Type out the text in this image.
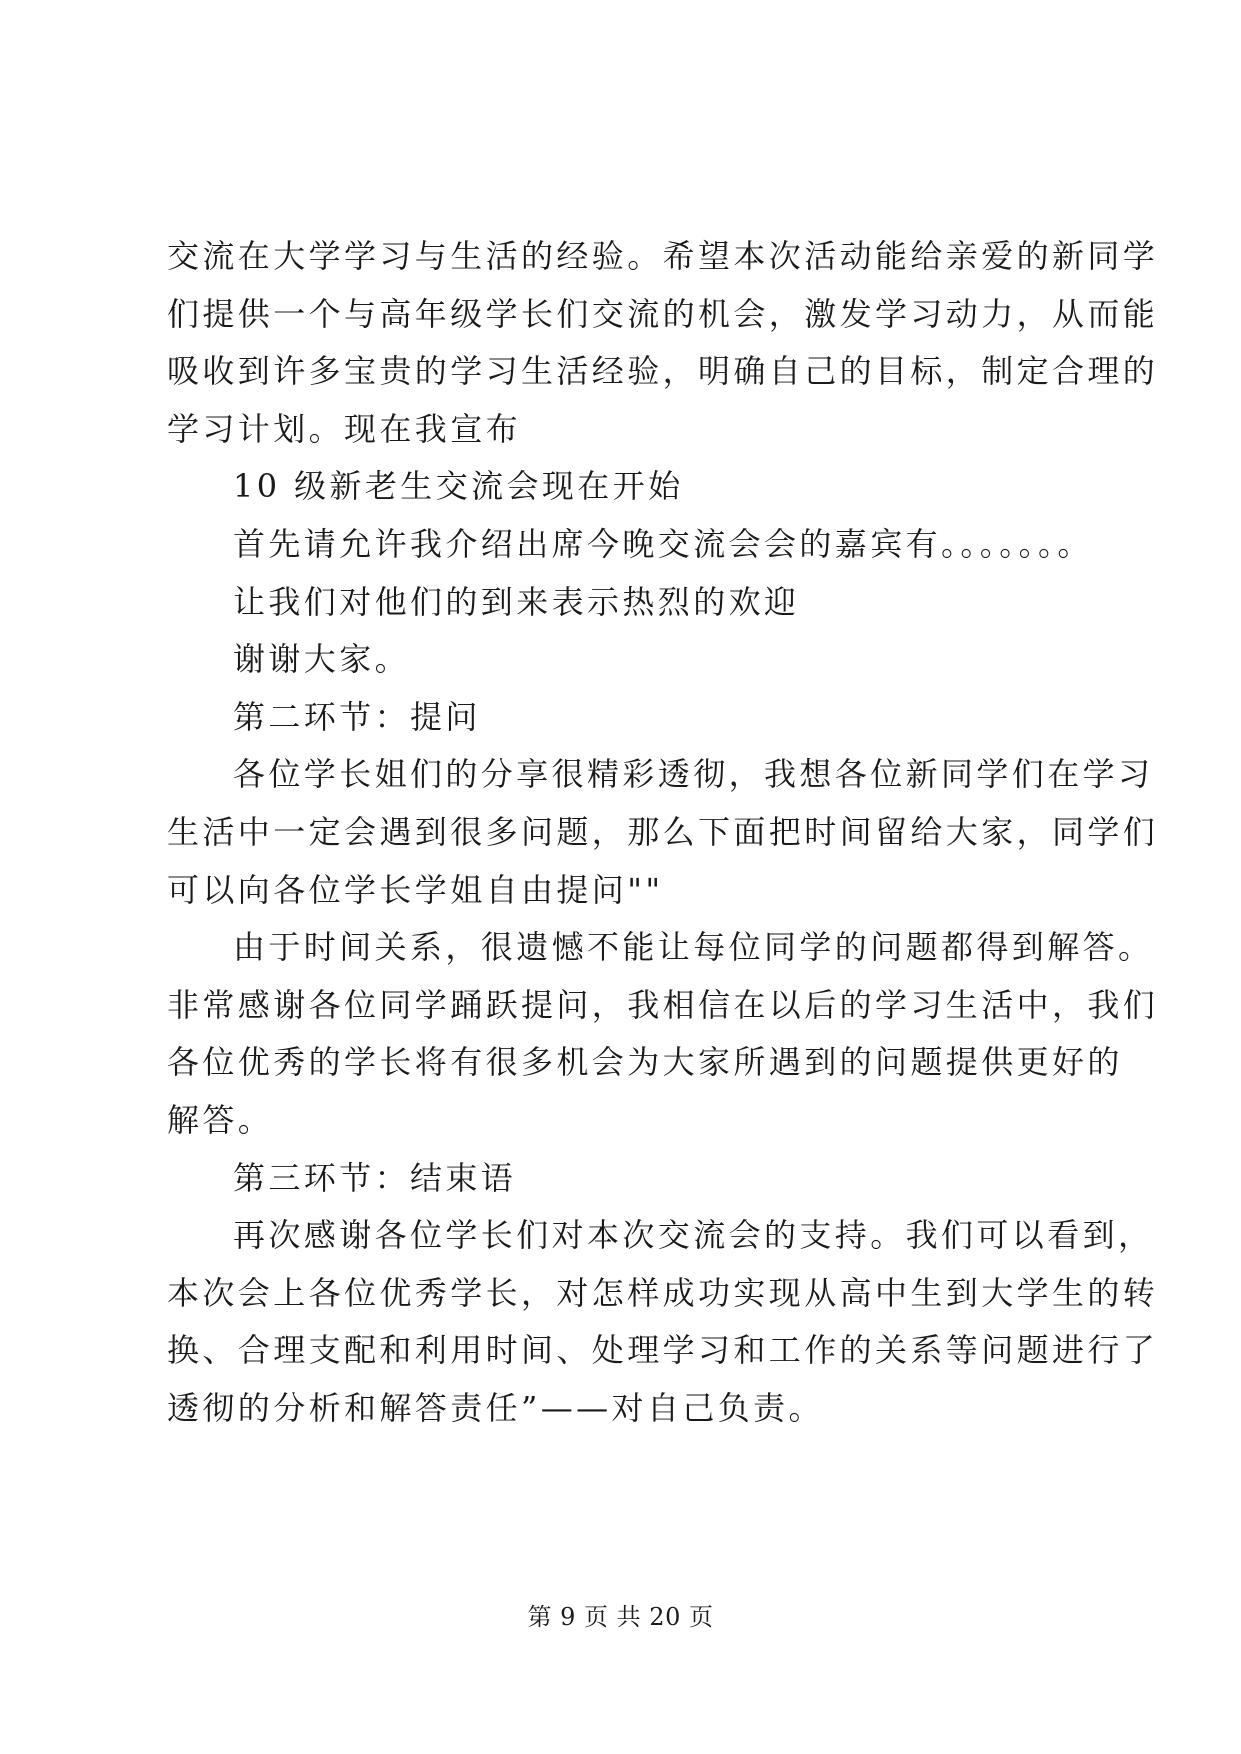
交流在大学学习与生活的经验。希望本次活动能给亲爱的新同学
们提供一个与高年级学长们交流的机会，激发学习动力，从而能
吸收到许多宝贵的学习生活经验，明确自己的目标，制定合理的
学习计划。现在我宣布
10 级新老生交流会现在开始
首先请允许我介绍出席今晚交流会会的嘉宾有。。。。。。。
让我们对他们的到来表示热烈的欢迎
谢谢大家。
第二环节：提问
各位学长姐们的分享很精彩透彻，我想各位新同学们在学习
生活中一定会遇到很多问题，那么下面把时间留给大家，同学们
可以向各位学长学姐自由提问""
由于时间关系，很遗憾不能让每位同学的问题都得到解答。
非常感谢各位同学踊跃提问，我相信在以后的学习生活中，我们
各位优秀的学长将有很多机会为大家所遇到的问题提供更好的
解答。
第三环节：结束语
再次感谢各位学长们对本次交流会的支持。我们可以看到，
本次会上各位优秀学长，对怎样成功实现从高中生到大学生的转
换、合理支配和利用时间、处理学习和工作的关系等问题进行了
透彻的分析和解答责任”——对自己负责。
第 9 页 共 20 页
